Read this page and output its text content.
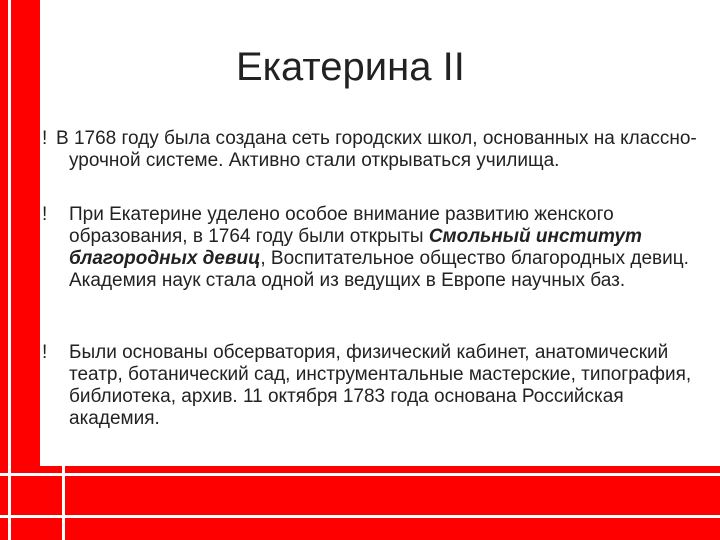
Екатерина II

! В 1768 году была создана сеть городских школ, основанных на классно-урочной системе. Активно стали открываться училища.

! При Екатерине уделено особое внимание развитию женского образования, в 1764 году были открыты Смольный институт благородных девиц, Воспитательное общество благородных девиц. Академия наук стала одной из ведущих в Европе научных баз.

! Были основаны обсерватория, физический кабинет, анатомический театр, ботанический сад, инструментальные мастерские, типография, библиотека, архив. 11 октября 1783 года основана Российская академия.
